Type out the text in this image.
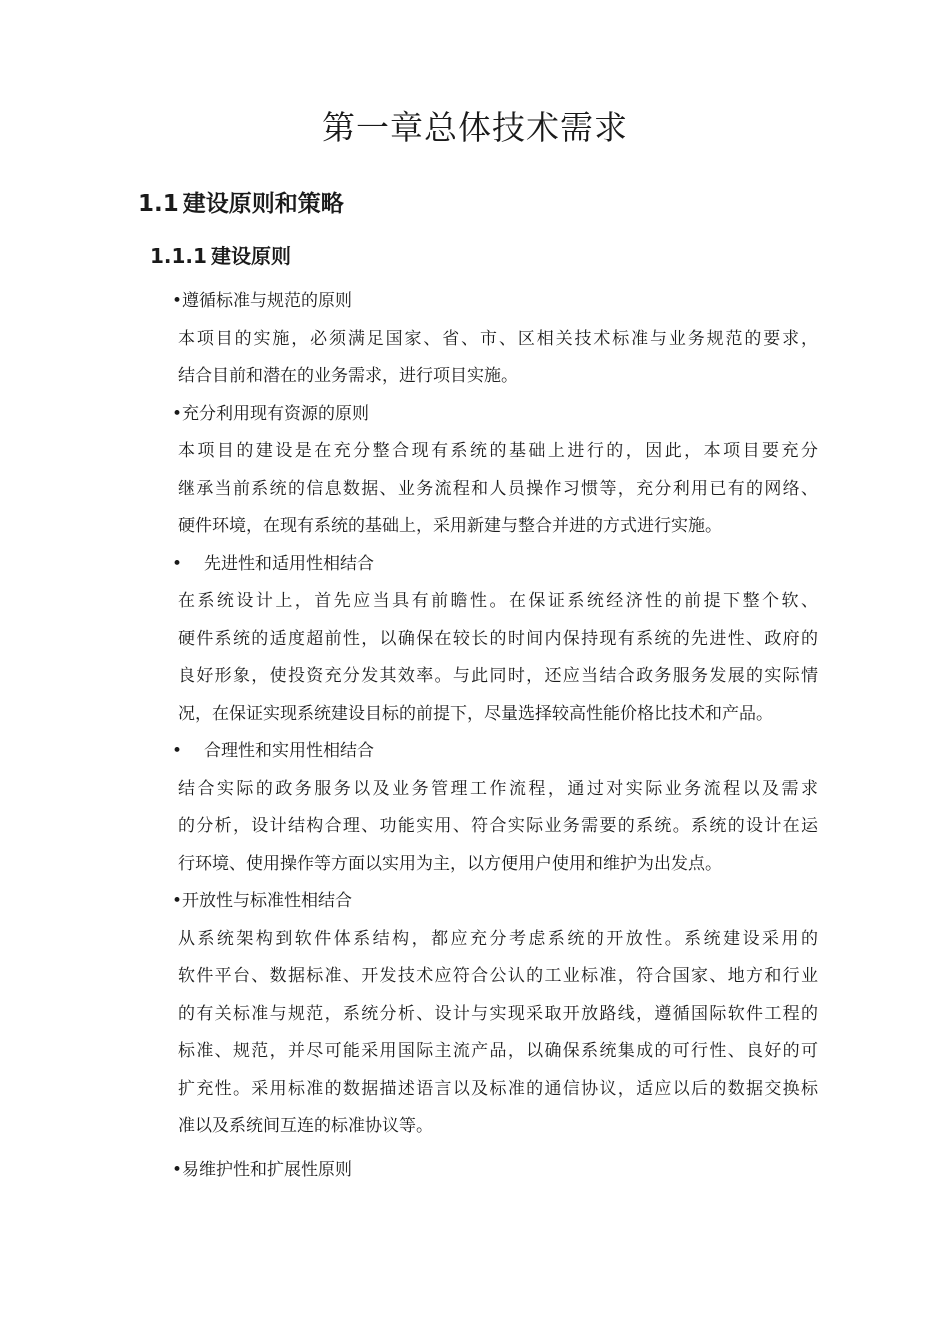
第一章总体技术需求
1.1 建设原则和策略
1.1.1 建设原则
•遵循标准与规范的原则

本项目的实施，必须满足国家、省、市、区相关技术标准与业务规范的要求，
结合目前和潜在的业务需求，进行项目实施。

•充分利用现有资源的原则

本项目的建设是在充分整合现有系统的基础上进行的，因此，本项目要充分
继承当前系统的信息数据、业务流程和人员操作习惯等，充分利用已有的网络、
硬件环境，在现有系统的基础上，采用新建与整合并进的方式进行实施。

• 先进性和适用性相结合

在系统设计上，首先应当具有前瞻性。在保证系统经济性的前提下整个软、
硬件系统的适度超前性，以确保在较长的时间内保持现有系统的先进性、政府的
良好形象，使投资充分发其效率。与此同时，还应当结合政务服务发展的实际情
况，在保证实现系统建设目标的前提下，尽量选择较高性能价格比技术和产品。

• 合理性和实用性相结合

结合实际的政务服务以及业务管理工作流程，通过对实际业务流程以及需求
的分析，设计结构合理、功能实用、符合实际业务需要的系统。系统的设计在运
行环境、使用操作等方面以实用为主，以方便用户使用和维护为出发点。

•开放性与标准性相结合

从系统架构到软件体系结构，都应充分考虑系统的开放性。系统建设采用的
软件平台、数据标准、开发技术应符合公认的工业标准，符合国家、地方和行业
的有关标准与规范，系统分析、设计与实现采取开放路线，遵循国际软件工程的
标准、规范，并尽可能采用国际主流产品，以确保系统集成的可行性、良好的可
扩充性。采用标准的数据描述语言以及标准的通信协议，适应以后的数据交换标
准以及系统间互连的标准协议等。

•易维护性和扩展性原则
